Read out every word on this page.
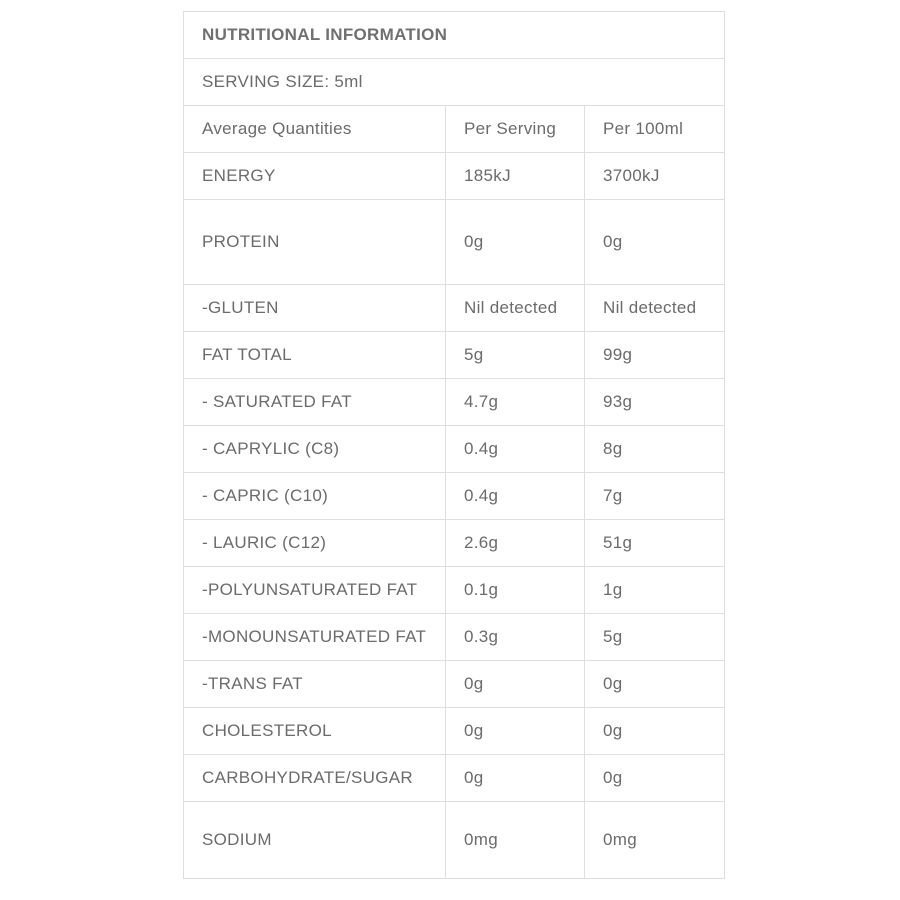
NUTRITIONAL INFORMATION		
SERVING SIZE: 5ml		
Average Quantities	Per Serving	Per 100ml
ENERGY	185kJ	3700kJ
PROTEIN	0g	0g
-GLUTEN	Nil detected	Nil detected
FAT TOTAL	5g	99g
- SATURATED FAT	4.7g	93g
- CAPRYLIC (C8)	0.4g	8g
- CAPRIC (C10)	0.4g	7g
- LAURIC (C12)	2.6g	51g
-POLYUNSATURATED FAT	0.1g	1g
-MONOUNSATURATED FAT	0.3g	5g
-TRANS FAT	0g	0g
CHOLESTEROL	0g	0g
CARBOHYDRATE/SUGAR	0g	0g
SODIUM	0mg	0mg
